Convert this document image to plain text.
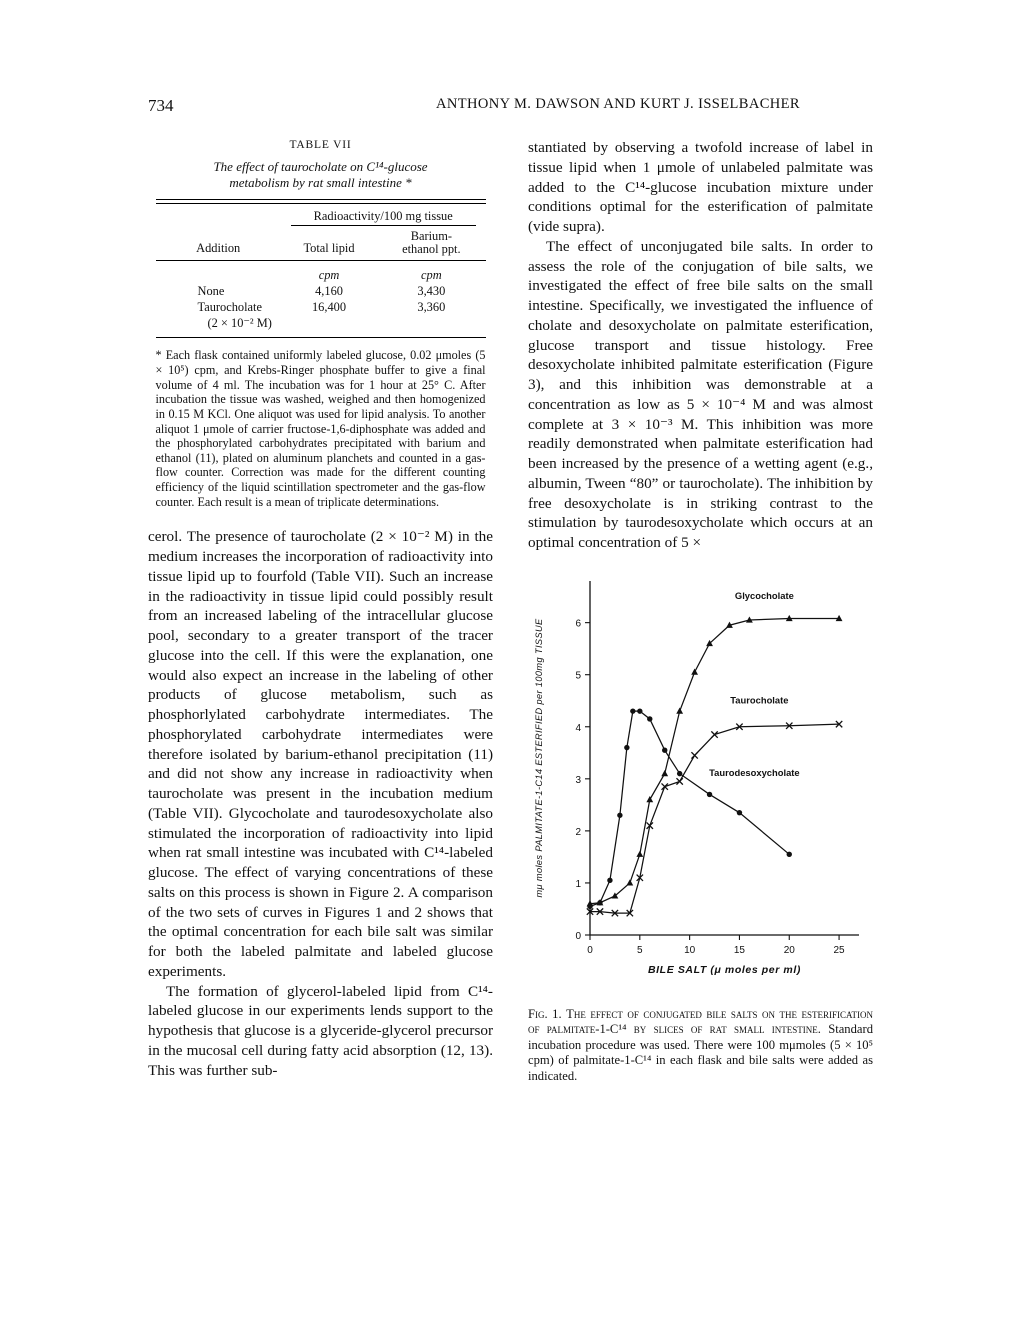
734	ANTHONY M. DAWSON AND KURT J. ISSELBACHER
TABLE VII
The effect of taurocholate on C¹⁴-glucose
metabolism by rat small intestine *

	Radioactivity/100 mg tissue	

Addition	Total lipid	Barium-
ethanol ppt.

	cpm	cpm
None	4,160	3,430
Taurocholate	16,400	3,360
(2 × 10⁻² M)		
* Each flask contained uniformly labeled glucose, 0.02 μmoles (5 × 10⁵) cpm, and Krebs-Ringer phosphate buffer to give a final volume of 4 ml. The incubation was for 1 hour at 25° C. After incubation the tissue was washed, weighed and then homogenized in 0.15 M KCl. One aliquot was used for lipid analysis. To another aliquot 1 μmole of carrier fructose-1,6-diphosphate was added and the phosphorylated carbohydrates precipitated with barium and ethanol (11), plated on aluminum planchets and counted in a gas-flow counter. Correction was made for the different counting efficiency of the liquid scintillation spectrometer and the gas-flow counter. Each result is a mean of triplicate determinations.

cerol. The presence of taurocholate (2 × 10⁻² M) in the medium increases the incorporation of radioactivity into tissue lipid up to fourfold (Table VII). Such an increase in the radioactivity in tissue lipid could possibly result from an increased labeling of the intracellular glucose pool, secondary to a greater transport of the tracer glucose into the cell. If this were the explanation, one would also expect an increase in the labeling of other products of glucose metabolism, such as phosphorlylated carbohydrate intermediates. The phosphorylated carbohydrate intermediates were therefore isolated by barium-ethanol precipitation (11) and did not show any increase in radioactivity when taurocholate was present in the incubation medium (Table VII). Glycocholate and taurodesoxycholate also stimulated the incorporation of radioactivity into lipid when rat small intestine was incubated with C¹⁴-labeled glucose. The effect of varying concentrations of these salts on this process is shown in Figure 2. A comparison of the two sets of curves in Figures 1 and 2 shows that the optimal concentration for each bile salt was similar for both the labeled palmitate and labeled glucose experiments.

The formation of glycerol-labeled lipid from C¹⁴-labeled glucose in our experiments lends support to the hypothesis that glucose is a glyceride-glycerol precursor in the mucosal cell during fatty acid absorption (12, 13). This was further sub-

stantiated by observing a twofold increase of label in tissue lipid when 1 μmole of unlabeled palmitate was added to the C¹⁴-glucose incubation mixture under conditions optimal for the esterification of palmitate (vide supra).

The effect of unconjugated bile salts. In order to assess the role of the conjugation of bile salts, we investigated the effect of free bile salts on the small intestine. Specifically, we investigated the influence of cholate and desoxycholate on palmitate esterification, glucose transport and tissue histology. Free desoxycholate inhibited palmitate esterification (Figure 3), and this inhibition was demonstrable at a concentration as low as 5 × 10⁻⁴ M and was almost complete at 3 × 10⁻³ M. This inhibition was more readily demonstrated when palmitate esterification had been increased by the presence of a wetting agent (e.g., albumin, Tween “80” or taurocholate). The inhibition by free desoxycholate is in striking contrast to the stimulation by taurodesoxycholate which occurs at an optimal concentration of 5 ×

0
1
2
3
4
5
6
0	5	10	15	20	25
BILE SALT (μ moles per ml)
mμ moles PALMITATE-1-C14 ESTERIFIED per 100mg TISSUE
Glycocholate
Taurocholate
Taurodesoxycholate
Fig. 1. The effect of conjugated bile salts on the esterification of palmitate-1-C¹⁴ by slices of rat small intestine. Standard incubation procedure was used. There were 100 mμmoles (5 × 10⁵ cpm) of palmitate-1-C¹⁴ in each flask and bile salts were added as indicated.
